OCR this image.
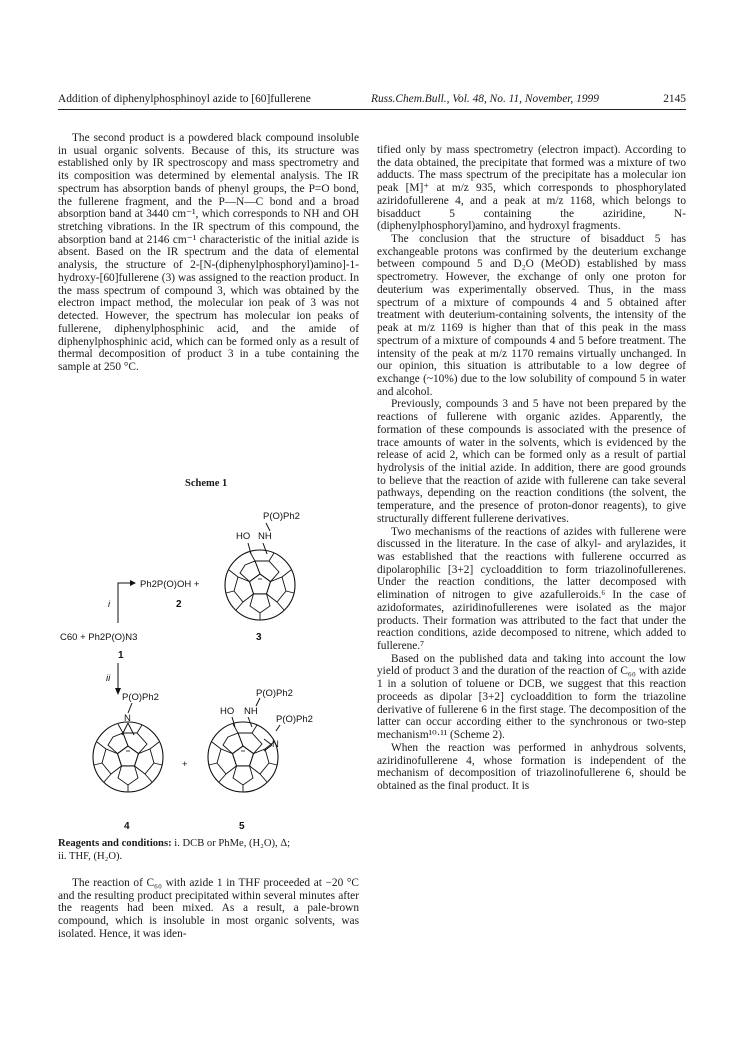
Addition of diphenylphosphinoyl azide to [60]fullerene	Russ.Chem.Bull., Vol. 48, No. 11, November, 1999	2145

The second product is a powdered black compound insoluble in usual organic solvents. Because of this, its structure was established only by IR spectroscopy and mass spectrometry and its composition was determined by elemental analysis. The IR spectrum has absorption bands of phenyl groups, the P=O bond, the fullerene fragment, and the P—N—C bond and a broad absorption band at 3440 cm⁻¹, which corresponds to NH and OH stretching vibrations. In the IR spectrum of this compound, the absorption band at 2146 cm⁻¹ characteristic of the initial azide is absent. Based on the IR spectrum and the data of elemental analysis, the structure of 2-[N-(diphenylphosphoryl)amino]-1-hydroxy-[60]fullerene (3) was assigned to the reaction product. In the mass spectrum of compound 3, which was obtained by the electron impact method, the molecular ion peak of 3 was not detected. However, the spectrum has molecular ion peaks of fullerene, diphenylphosphinic acid, and the amide of diphenylphosphinic acid, which can be formed only as a result of thermal decomposition of product 3 in a tube containing the sample at 250 °C.

Scheme 1
P(O)Ph2
HO NH
3
Ph2P(O)OH +
2
i
C60 + Ph2P(O)N3
1
ii
P(O)Ph2
N
4
+
P(O)Ph2
HO NH
P(O)Ph2
N
5
Reagents and conditions: i. DCB or PhMe, (H₂O), Δ;
ii. THF, (H₂O).

The reaction of C₆₀ with azide 1 in THF proceeded at −20 °C and the resulting product precipitated within several minutes after the reagents had been mixed. As a result, a pale-brown compound, which is insoluble in most organic solvents, was isolated. Hence, it was iden-

tified only by mass spectrometry (electron impact). According to the data obtained, the precipitate that formed was a mixture of two adducts. The mass spectrum of the precipitate has a molecular ion peak [M]⁺ at m/z 935, which corresponds to phosphorylated aziridofullerene 4, and a peak at m/z 1168, which belongs to bisadduct 5 containing the aziridine, N-(diphenylphosphoryl)amino, and hydroxyl fragments.

The conclusion that the structure of bisadduct 5 has exchangeable protons was confirmed by the deuterium exchange between compound 5 and D₂O (MeOD) established by mass spectrometry. However, the exchange of only one proton for deuterium was experimentally observed. Thus, in the mass spectrum of a mixture of compounds 4 and 5 obtained after treatment with deuterium-containing solvents, the intensity of the peak at m/z 1169 is higher than that of this peak in the mass spectrum of a mixture of compounds 4 and 5 before treatment. The intensity of the peak at m/z 1170 remains virtually unchanged. In our opinion, this situation is attributable to a low degree of exchange (~10%) due to the low solubility of compound 5 in water and alcohol.

Previously, compounds 3 and 5 have not been prepared by the reactions of fullerene with organic azides. Apparently, the formation of these compounds is associated with the presence of trace amounts of water in the solvents, which is evidenced by the release of acid 2, which can be formed only as a result of partial hydrolysis of the initial azide. In addition, there are good grounds to believe that the reaction of azide with fullerene can take several pathways, depending on the reaction conditions (the solvent, the temperature, and the presence of proton-donor reagents), to give structurally different fullerene derivatives.

Two mechanisms of the reactions of azides with fullerene were discussed in the literature. In the case of alkyl- and arylazides, it was established that the reactions with fullerene occurred as dipolarophilic [3+2] cycloaddition to form triazolinofullerenes. Under the reaction conditions, the latter decomposed with elimination of nitrogen to give azafulleroids.⁶ In the case of azidoformates, aziridinofullerenes were isolated as the major products. Their formation was attributed to the fact that under the reaction conditions, azide decomposed to nitrene, which added to fullerene.⁷

Based on the published data and taking into account the low yield of product 3 and the duration of the reaction of C₆₀ with azide 1 in a solution of toluene or DCB, we suggest that this reaction proceeds as dipolar [3+2] cycloaddition to form the triazoline derivative of fullerene 6 in the first stage. The decomposition of the latter can occur according either to the synchronous or two-step mechanism¹⁰·¹¹ (Scheme 2).

When the reaction was performed in anhydrous solvents, aziridinofullerene 4, whose formation is independent of the mechanism of decomposition of triazolinofullerene 6, should be obtained as the final product. It is
